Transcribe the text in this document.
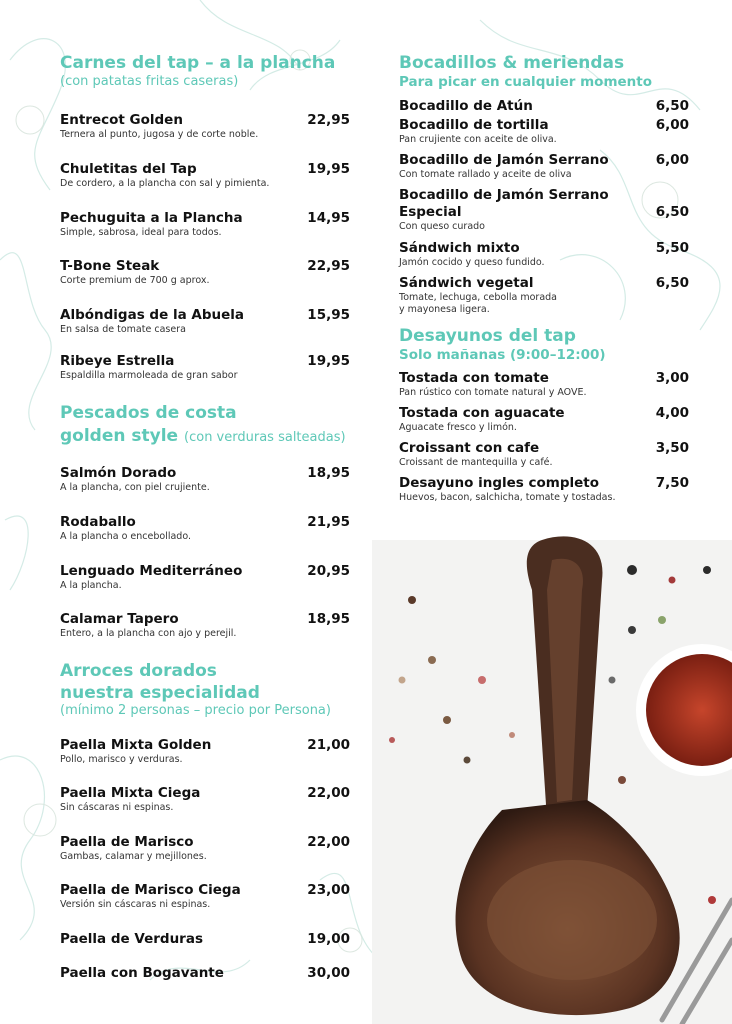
Carnes del tap – a la plancha
(con patatas fritas caseras)
Entrecot Golden	22,95
Ternera al punto, jugosa y de corte noble.
Chuletitas del Tap	19,95
De cordero, a la plancha con sal y pimienta.
Pechuguita a la Plancha	14,95
Simple, sabrosa, ideal para todos.
T-Bone Steak	22,95
Corte premium de 700 g aprox.
Albóndigas de la Abuela	15,95
En salsa de tomate casera
Ribeye Estrella	19,95
Espaldilla marmoleada de gran sabor
Pescados de costa
golden style (con verduras salteadas)
Salmón Dorado	18,95
A la plancha, con piel crujiente.
Rodaballo	21,95
A la plancha o encebollado.
Lenguado Mediterráneo	20,95
A la plancha.
Calamar Tapero	18,95
Entero, a la plancha con ajo y perejil.
Arroces dorados
nuestra especialidad
(mínimo 2 personas – precio por Persona)
Paella Mixta Golden	21,00
Pollo, marisco y verduras.
Paella Mixta Ciega	22,00
Sin cáscaras ni espinas.
Paella de Marisco	22,00
Gambas, calamar y mejillones.
Paella de Marisco Ciega	23,00
Versión sin cáscaras ni espinas.
Paella de Verduras	19,00
Paella con Bogavante	30,00
Bocadillos & meriendas
Para picar en cualquier momento
Bocadillo de Atún	6,50
Bocadillo de tortilla	6,00
Pan crujiente con aceite de oliva.
Bocadillo de Jamón Serrano	6,00
Con tomate rallado y aceite de oliva
Bocadillo de Jamón Serrano
Especial	6,50
Con queso curado
Sándwich mixto	5,50
Jamón cocido y queso fundido.
Sándwich vegetal	6,50
Tomate, lechuga, cebolla morada
y mayonesa ligera.
Desayunos del tap
Solo mañanas (9:00–12:00)
Tostada con tomate	3,00
Pan rústico con tomate natural y AOVE.
Tostada con aguacate	4,00
Aguacate fresco y limón.
Croissant con cafe	3,50
Croissant de mantequilla y café.
Desayuno ingles completo	7,50
Huevos, bacon, salchicha, tomate y tostadas.
